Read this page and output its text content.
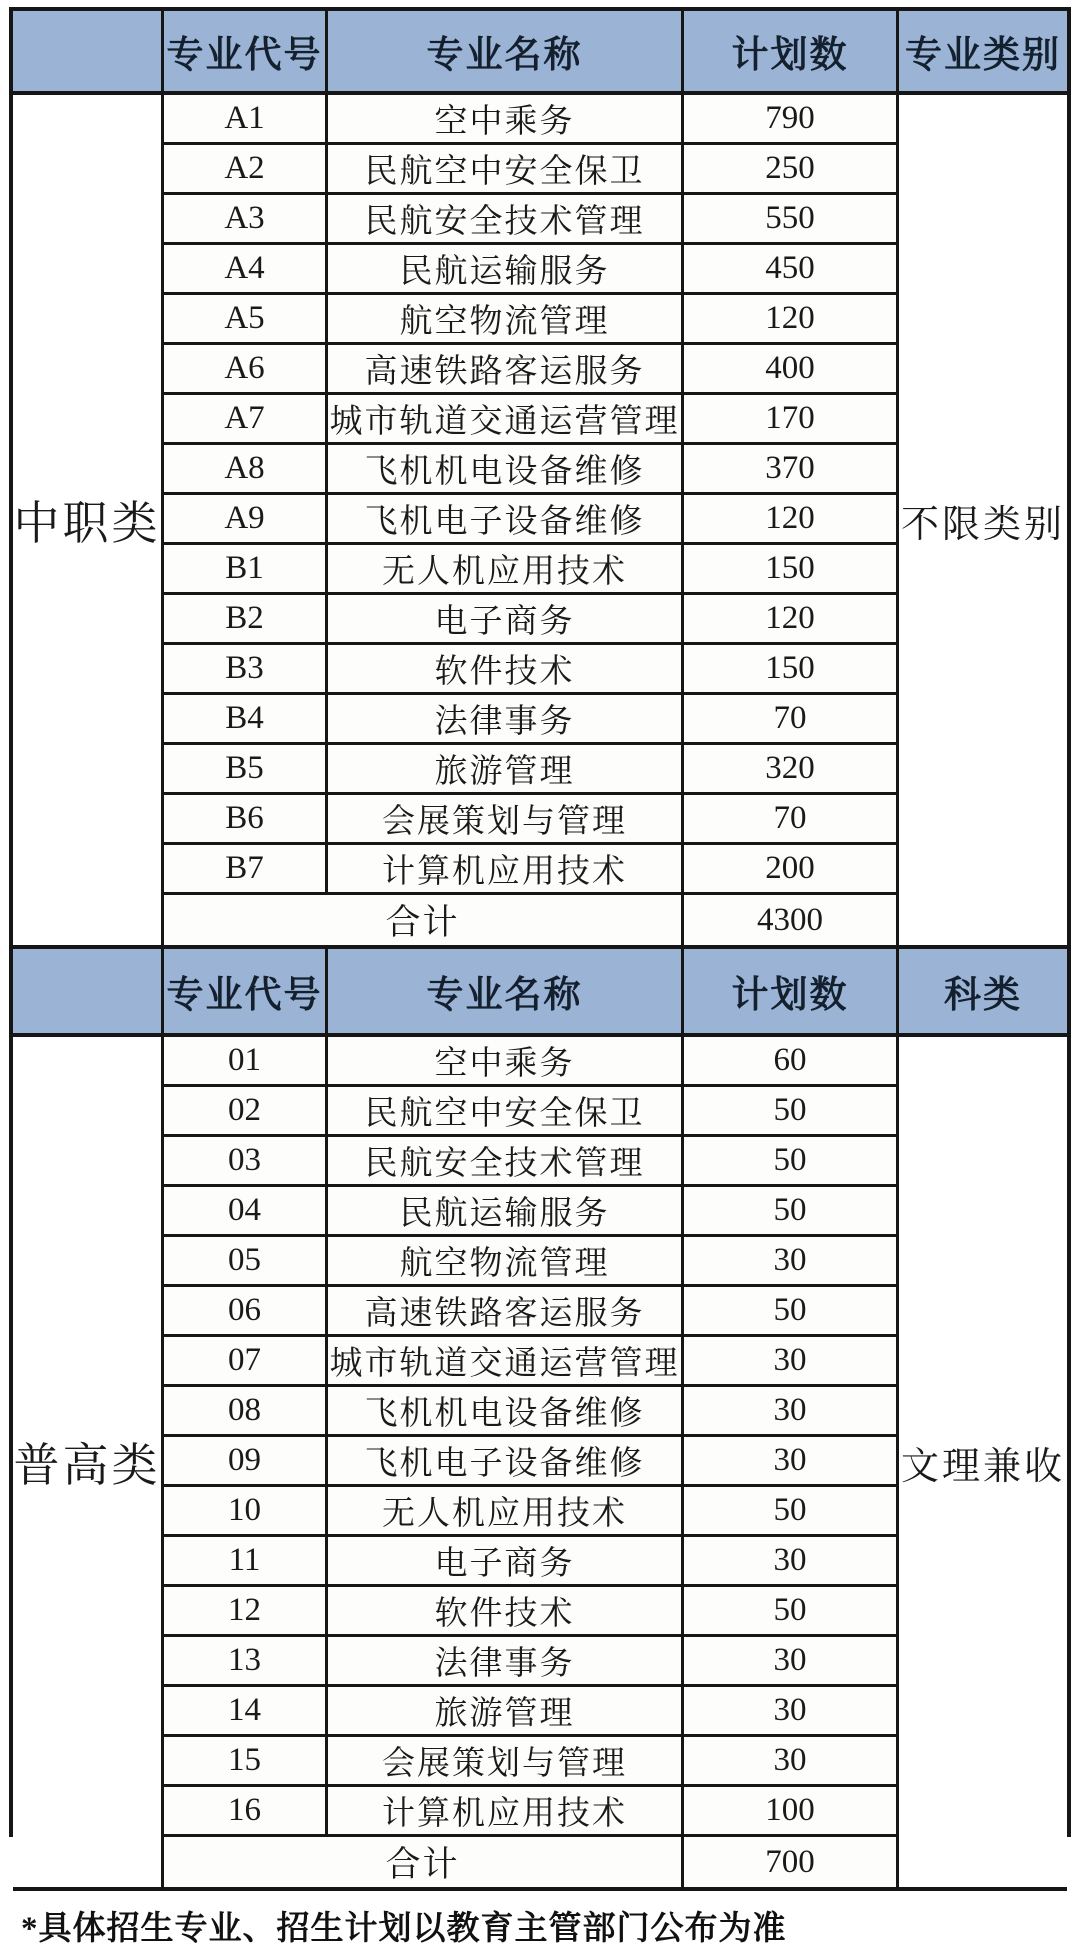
专业代号	专业名称	计划数	专业类别
中职类
A1	空中乘务	790
A2	民航空中安全保卫	250
A3	民航安全技术管理	550
A4	民航运输服务	450
A5	航空物流管理	120
A6	高速铁路客运服务	400
A7	城市轨道交通运营管理	170
A8	飞机机电设备维修	370
A9	飞机电子设备维修	120
B1	无人机应用技术	150
B2	电子商务	120
B3	软件技术	150
B4	法律事务	70
B5	旅游管理	320
B6	会展策划与管理	70
B7	计算机应用技术	200
合计	4300
不限类别
专业代号	专业名称	计划数	科类
普高类
01	空中乘务	60
02	民航空中安全保卫	50
03	民航安全技术管理	50
04	民航运输服务	50
05	航空物流管理	30
06	高速铁路客运服务	50
07	城市轨道交通运营管理	30
08	飞机机电设备维修	30
09	飞机电子设备维修	30
10	无人机应用技术	50
11	电子商务	30
12	软件技术	50
13	法律事务	30
14	旅游管理	30
15	会展策划与管理	30
16	计算机应用技术	100
合计	700
文理兼收
*具体招生专业、招生计划以教育主管部门公布为准
